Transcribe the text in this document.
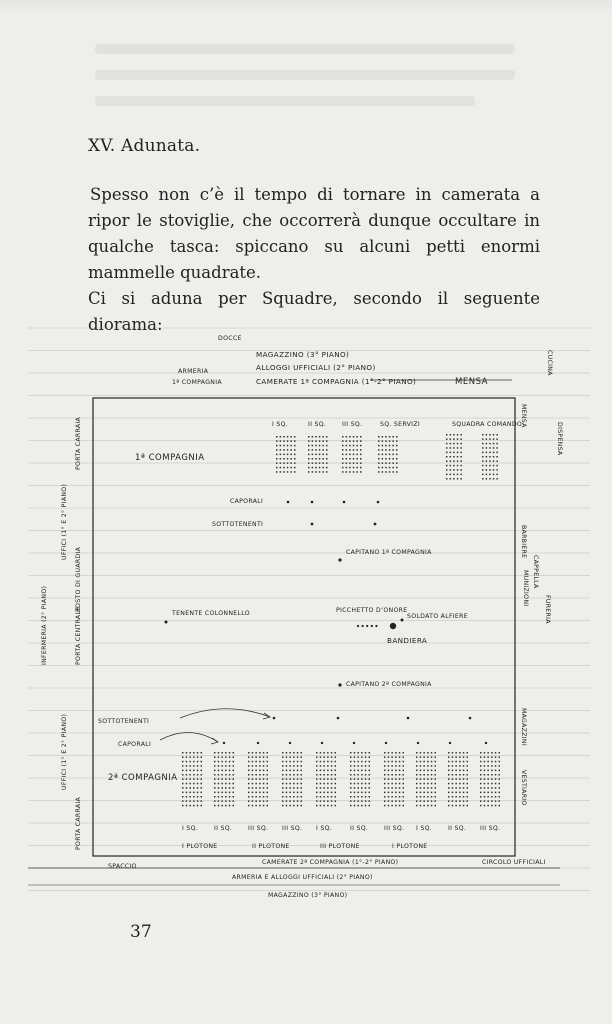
XV. Adunata.
Spesso non c’è il tempo di tornare in camerata a ripor le stoviglie, che occorrerà dunque occultare in qualche tasca: spiccano su alcuni petti enormi mammelle quadrate.
Ci si aduna per Squadre, secondo il seguente diorama:
DOCCE
MAGAZZINO (3° PIANO)
ALLOGGI UFFICIALI (2° PIANO)
ARMERIA
1ª COMPAGNIA	CAMERATE 1ª COMPAGNIA (1°-2° PIANO)	MENSA
CUCINA
MENSA
DISPENSA
BARBIERE
CAPPELLA
MUNIZIONI
FURERIA
MAGAZZINI
VESTIARIO
PORTA CARRAIA
UFFICI (1° E 2° PIANO)
POSTO DI GUARDIA
INFERMERIA (2° PIANO)	PORTA CENTRALE
UFFICI (1° E 2° PIANO)
PORTA CARRAIA
1ª COMPAGNIA
I SQ.	II SQ.	III SQ.	SQ. SERVIZI	SQUADRA COMANDO
CAPORALI
SOTTOTENENTI
CAPITANO 1ª COMPAGNIA
TENENTE COLONNELLO	PICCHETTO D’ONORE
SOLDATO ALFIERE
BANDIERA
CAPITANO 2ª COMPAGNIA
SOTTOTENENTI
CAPORALI
2ª COMPAGNIA
I SQ.	II SQ.	III SQ. III SQ. I SQ.	II SQ.	III SQ. I SQ.	II SQ. III SQ.
I PLOTONE	II PLOTONE	III PLOTONE	I PLOTONE
SPACCIO
CAMERATE 2ª COMPAGNIA (1°-2° PIANO)
ARMERIA E ALLOGGI UFFICIALI (2° PIANO)
MAGAZZINO (3° PIANO)
CIRCOLO UFFICIALI
37
